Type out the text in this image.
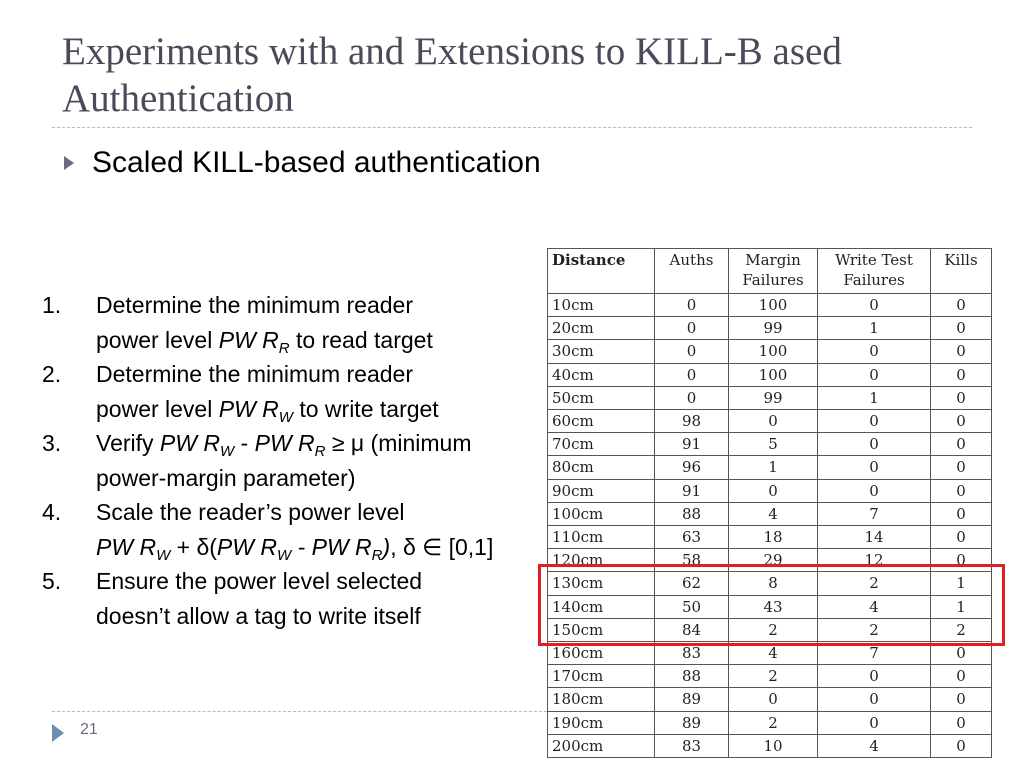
Experiments with and Extensions to KILL-B ased Authentication
Scaled KILL-based authentication
1. Determine the minimum reader
power level PW $R_R$ to read target
2. Determine the minimum reader
power level PW $R_W$ to write target
3. Verify PW $R_W$ - PW $R_R \ge \mu$ (minimum
power-margin parameter)
4. Scale the reader’s power level
PW $R_W + \delta(PW$ $R_W$ - PW $R_R$), δ ∈ [0,1]
5. Ensure the power level selected
doesn’t allow a tag to write itself
Distance	Auths	Margin Failures	Write Test Failures	Kills
10cm	0	100	0	0
20cm	0	99	1	0
30cm	0	100	0	0
40cm	0	100	0	0
50cm	0	99	1	0
60cm	98	0	0	0
70cm	91	5	0	0
80cm	96	1	0	0
90cm	91	0	0	0
100cm	88	4	7	0
110cm	63	18	14	0
120cm	58	29	12	0
130cm	62	8	2	1
140cm	50	43	4	1
150cm	84	2	2	2
160cm	83	4	7	0
170cm	88	2	0	0
180cm	89	0	0	0
190cm	89	2	0	0
200cm	83	10	4	0
21
